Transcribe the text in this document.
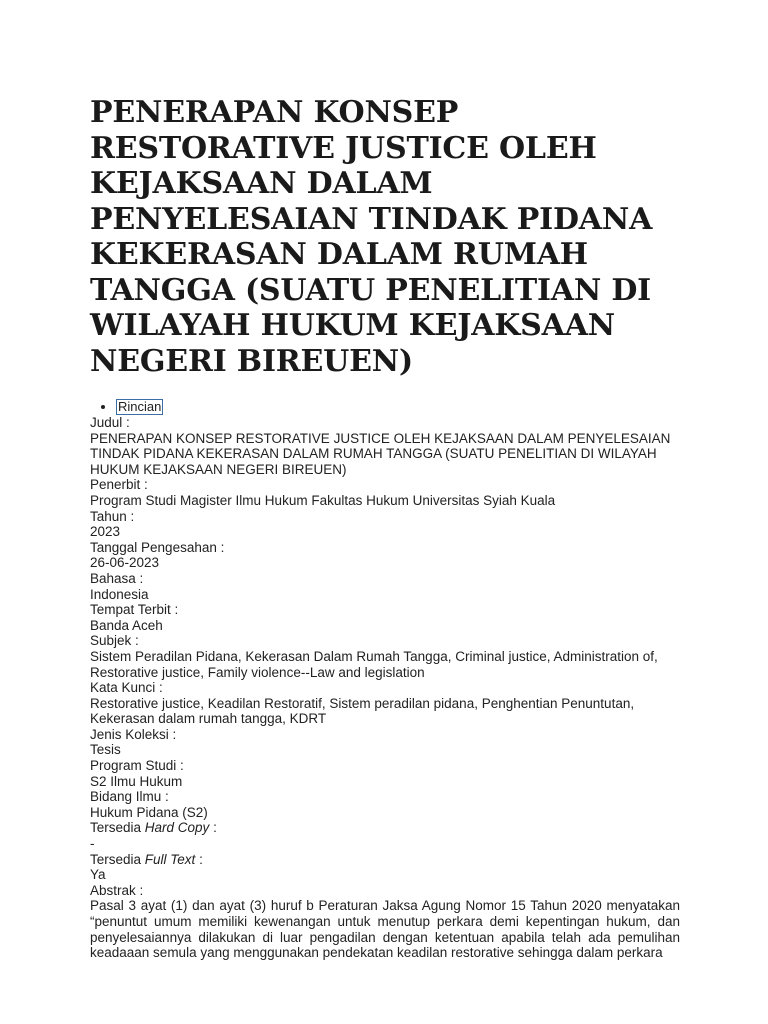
PENERAPAN KONSEP RESTORATIVE JUSTICE OLEH KEJAKSAAN DALAM PENYELESAIAN TINDAK PIDANA KEKERASAN DALAM RUMAH TANGGA (SUATU PENELITIAN DI WILAYAH HUKUM KEJAKSAAN NEGERI BIREUEN)
• Rincian
Judul :
PENERAPAN KONSEP RESTORATIVE JUSTICE OLEH KEJAKSAAN DALAM PENYELESAIAN TINDAK PIDANA KEKERASAN DALAM RUMAH TANGGA (SUATU PENELITIAN DI WILAYAH HUKUM KEJAKSAAN NEGERI BIREUEN)
Penerbit :
Program Studi Magister Ilmu Hukum Fakultas Hukum Universitas Syiah Kuala
Tahun :
2023
Tanggal Pengesahan :
26-06-2023
Bahasa :
Indonesia
Tempat Terbit :
Banda Aceh
Subjek :
Sistem Peradilan Pidana, Kekerasan Dalam Rumah Tangga, Criminal justice, Administration of, Restorative justice, Family violence--Law and legislation
Kata Kunci :
Restorative justice, Keadilan Restoratif, Sistem peradilan pidana, Penghentian Penuntutan, Kekerasan dalam rumah tangga, KDRT
Jenis Koleksi :
Tesis
Program Studi :
S2 Ilmu Hukum
Bidang Ilmu :
Hukum Pidana (S2)
Tersedia Hard Copy :
-
Tersedia Full Text :
Ya
Abstrak :
Pasal 3 ayat (1) dan ayat (3) huruf b Peraturan Jaksa Agung Nomor 15 Tahun 2020 menyatakan “penuntut umum memiliki kewenangan untuk menutup perkara demi kepentingan hukum, dan penyelesaiannya dilakukan di luar pengadilan dengan ketentuan apabila telah ada pemulihan keadaaan semula yang menggunakan pendekatan keadilan restorative sehingga dalam perkara
